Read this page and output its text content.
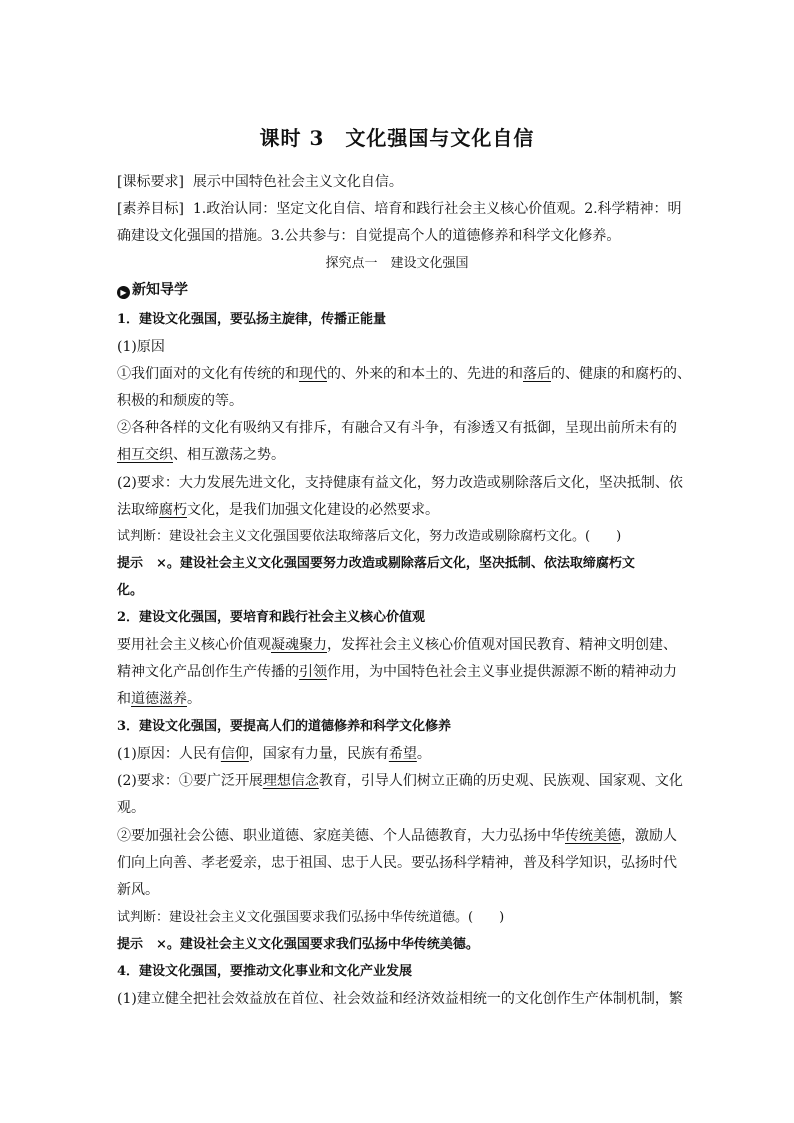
课时 3　文化强国与文化自信
[课标要求] 展示中国特色社会主义文化自信。
[素养目标] 1.政治认同：坚定文化自信、培育和践行社会主义核心价值观。2.科学精神：明
确建设文化强国的措施。3.公共参与：自觉提高个人的道德修养和科学文化修养。
探究点一　建设文化强国
▶ 新知导学
1．建设文化强国，要弘扬主旋律，传播正能量
(1)原因
①我们面对的文化有传统的和现代的、外来的和本土的、先进的和落后的、健康的和腐朽的、
积极的和颓废的等。
②各种各样的文化有吸纳又有排斥，有融合又有斗争，有渗透又有抵御，呈现出前所未有的
相互交织、相互激荡之势。
(2)要求：大力发展先进文化，支持健康有益文化，努力改造或剔除落后文化，坚决抵制、依
法取缔腐朽文化，是我们加强文化建设的必然要求。
试判断：建设社会主义文化强国要依法取缔落后文化，努力改造或剔除腐朽文化。(　　)
提示　×。建设社会主义文化强国要努力改造或剔除落后文化，坚决抵制、依法取缔腐朽文
化。
2．建设文化强国，要培育和践行社会主义核心价值观
要用社会主义核心价值观凝魂聚力，发挥社会主义核心价值观对国民教育、精神文明创建、
精神文化产品创作生产传播的引领作用，为中国特色社会主义事业提供源源不断的精神动力
和道德滋养。
3．建设文化强国，要提高人们的道德修养和科学文化修养
(1)原因：人民有信仰，国家有力量，民族有希望。
(2)要求：①要广泛开展理想信念教育，引导人们树立正确的历史观、民族观、国家观、文化
观。
②要加强社会公德、职业道德、家庭美德、个人品德教育，大力弘扬中华传统美德，激励人
们向上向善、孝老爱亲，忠于祖国、忠于人民。要弘扬科学精神，普及科学知识，弘扬时代
新风。
试判断：建设社会主义文化强国要求我们弘扬中华传统道德。(　　)
提示　×。建设社会主义文化强国要求我们弘扬中华传统美德。
4．建设文化强国，要推动文化事业和文化产业发展
(1)建立健全把社会效益放在首位、社会效益和经济效益相统一的文化创作生产体制机制，繁
